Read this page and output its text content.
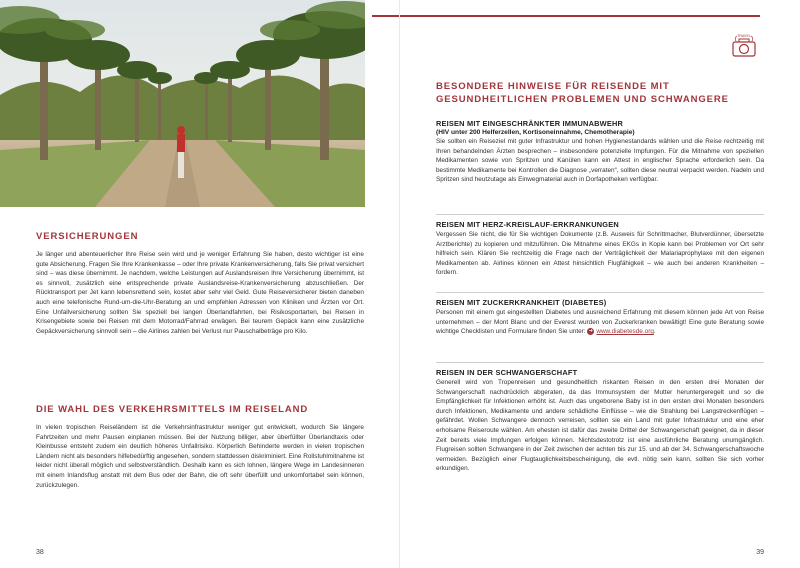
VERSICHERUNGEN

Je länger und abenteuerlicher Ihre Reise sein wird und je weniger Erfahrung Sie haben, desto wichtiger ist eine gute Absicherung. Fragen Sie Ihre Krankenkasse – oder Ihre private Krankenversicherung, falls Sie privat versichert sind – was diese übernimmt. Je nachdem, welche Leistungen auf Auslandsreisen Ihre Versicherung übernimmt, ist es sinnvoll, zusätzlich eine entsprechende private Auslandsreise-Krankenversicherung abzuschließen. Der Rücktransport per Jet kann lebensrettend sein, kostet aber sehr viel Geld. Gute Reiseversicherer bieten daneben auch eine telefonische Rund-um-die-Uhr-Beratung an und empfehlen Adressen von Kliniken und Ärzten vor Ort. Eine Unfallversicherung sollten Sie speziell bei langen Überlandfahrten, bei Risikosportarten, bei Reisen in Krisengebiete sowie bei Reisen mit dem Motorrad/Fahrrad erwägen. Bei teurem Gepäck kann eine zusätzliche Gepäckversicherung sinnvoll sein – die Airlines zahlen bei Verlust nur Pauschalbeträge pro Kilo.

DIE WAHL DES VERKEHRSMITTELS IM REISELAND

In vielen tropischen Reiseländern ist die Verkehrsinfrastruktur weniger gut entwickelt, wodurch Sie längere Fahrtzeiten und mehr Pausen einplanen müssen. Bei der Nutzung billiger, aber überfüllter Überlandtaxis oder Kleinbusse entsteht zudem ein deutlich höheres Unfallrisiko. Körperlich Behinderte werden in vielen tropischen Ländern nicht als besonders hilfebedürftig angesehen, sondern stattdessen diskriminiert. Eine Rollstuhlmitnahme ist leider nicht überall möglich und selbstverständlich. Deshalb kann es sich lohnen, längere Wege im Landesinneren mit einem Inlandsflug anstatt mit dem Bus oder der Bahn, die oft sehr überfüllt und unkomfortabel sein können, zurückzulegen.

38
TRAVEL
BESONDERE HINWEISE FÜR REISENDE MIT
GESUNDHEITLICHEN PROBLEMEN UND SCHWANGERE
REISEN MIT EINGESCHRÄNKTER IMMUNABWEHR
(HIV unter 200 Helferzellen, Kortisoneinnahme, Chemotherapie)

Sie sollten ein Reiseziel mit guter Infrastruktur und hohen Hygienestandards wählen und die Reise rechtzeitig mit Ihren behandelnden Ärzten besprechen – insbesondere potenzielle Impfungen. Für die Mitnahme von speziellen Medikamenten sowie von Spritzen und Kanülen kann ein Attest in englischer Sprache erforderlich sein. Da bestimmte Medikamente bei Kontrollen die Diagnose „verraten“, sollten diese neutral verpackt werden. Nadeln und Spritzen sind heutzutage als Einwegmaterial auch in Dorfapotheken verfügbar.

REISEN MIT HERZ-KREISLAUF-ERKRANKUNGEN

Vergessen Sie nicht, die für Sie wichtigen Dokumente (z.B. Ausweis für Schrittmacher, Blutverdünner, übersetzte Arztberichte) zu kopieren und mitzuführen. Die Mitnahme eines EKGs in Kopie kann bei Problemen vor Ort sehr hilfreich sein. Klären Sie rechtzeitig die Frage nach der Verträglichkeit der Malariaprophylaxe mit den eigenen Medikamenten ab. Airlines können ein Attest hinsichtlich Flugfähigkeit – wie auch bei anderen Krankheiten – fordern.

REISEN MIT ZUCKERKRANKHEIT (DIABETES)

Personen mit einem gut eingestellten Diabetes und ausreichend Erfahrung mit diesem können jede Art von Reise unternehmen – der Mont Blanc und der Everest wurden von Zuckerkranken bewältigt! Eine gute Beratung sowie wichtige Checklisten und Formulare finden Sie unter: ➜ www.diabetesde.org.

REISEN IN DER SCHWANGERSCHAFT

Generell wird von Tropenreisen und gesundheitlich riskanten Reisen in den ersten drei Monaten der Schwangerschaft nachdrücklich abgeraten, da das Immunsystem der Mutter heruntergeregelt und so die Empfänglichkeit für Infektionen erhöht ist. Auch das ungeborene Baby ist in den ersten drei Monaten besonders durch Infektionen, Medikamente und andere schädliche Einflüsse – wie die Strahlung bei Langstreckenflügen – gefährdet. Wollen Schwangere dennoch verreisen, sollten sie ein Land mit guter Infrastruktur und eine eher erholsame Reiseroute wählen. Am ehesten ist dafür das zweite Drittel der Schwangerschaft geeignet, da in dieser Zeit bereits viele Impfungen erfolgen können. Nichtsdestotrotz ist eine ausführliche Beratung unumgänglich. Flugreisen sollten Schwangere in der Zeit zwischen der achten bis zur 15. und ab der 34. Schwangerschaftswoche vermeiden. Bezüglich einer Flugtauglichkeitsbescheinigung, die evtl. nötig sein kann, sollten Sie sich vorher erkundigen.

39
